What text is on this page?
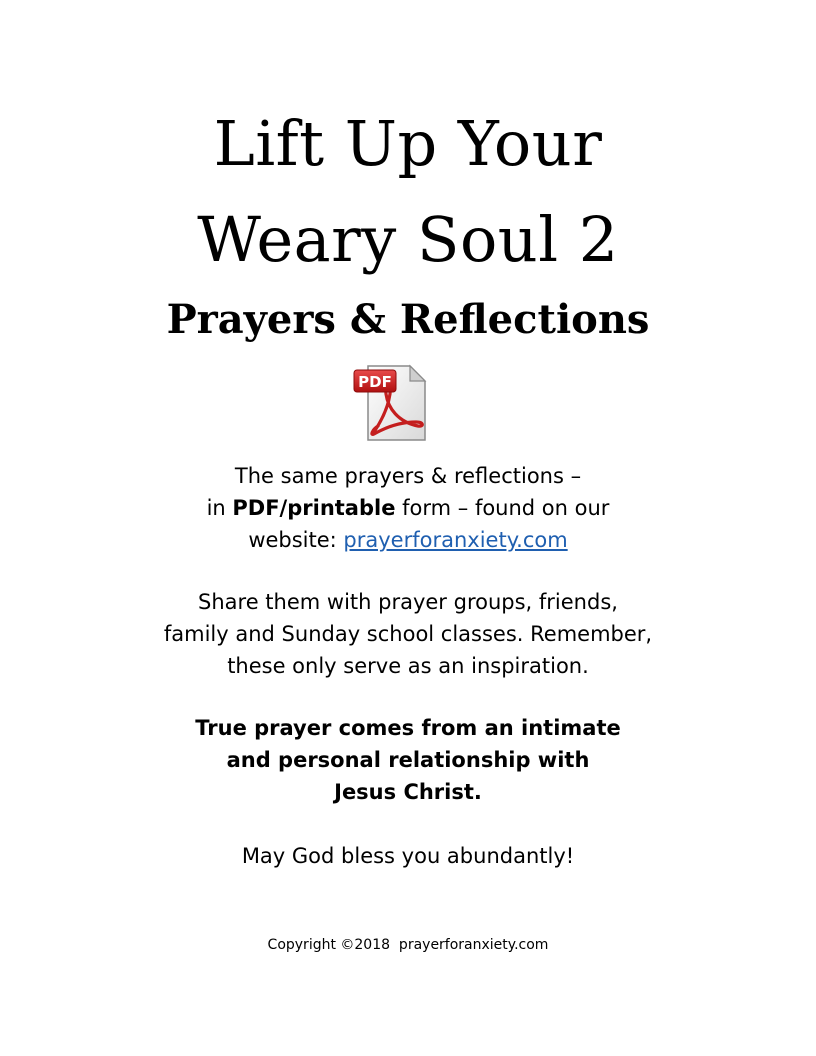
Lift Up Your
Weary Soul 2
Prayers & Reflections
PDF
The same prayers & reflections –
in PDF/printable form – found on our
website: prayerforanxiety.com
Share them with prayer groups, friends,
family and Sunday school classes. Remember,
these only serve as an inspiration.
True prayer comes from an intimate
and personal relationship with
Jesus Christ.
May God bless you abundantly!
Copyright ©2018  prayerforanxiety.com
